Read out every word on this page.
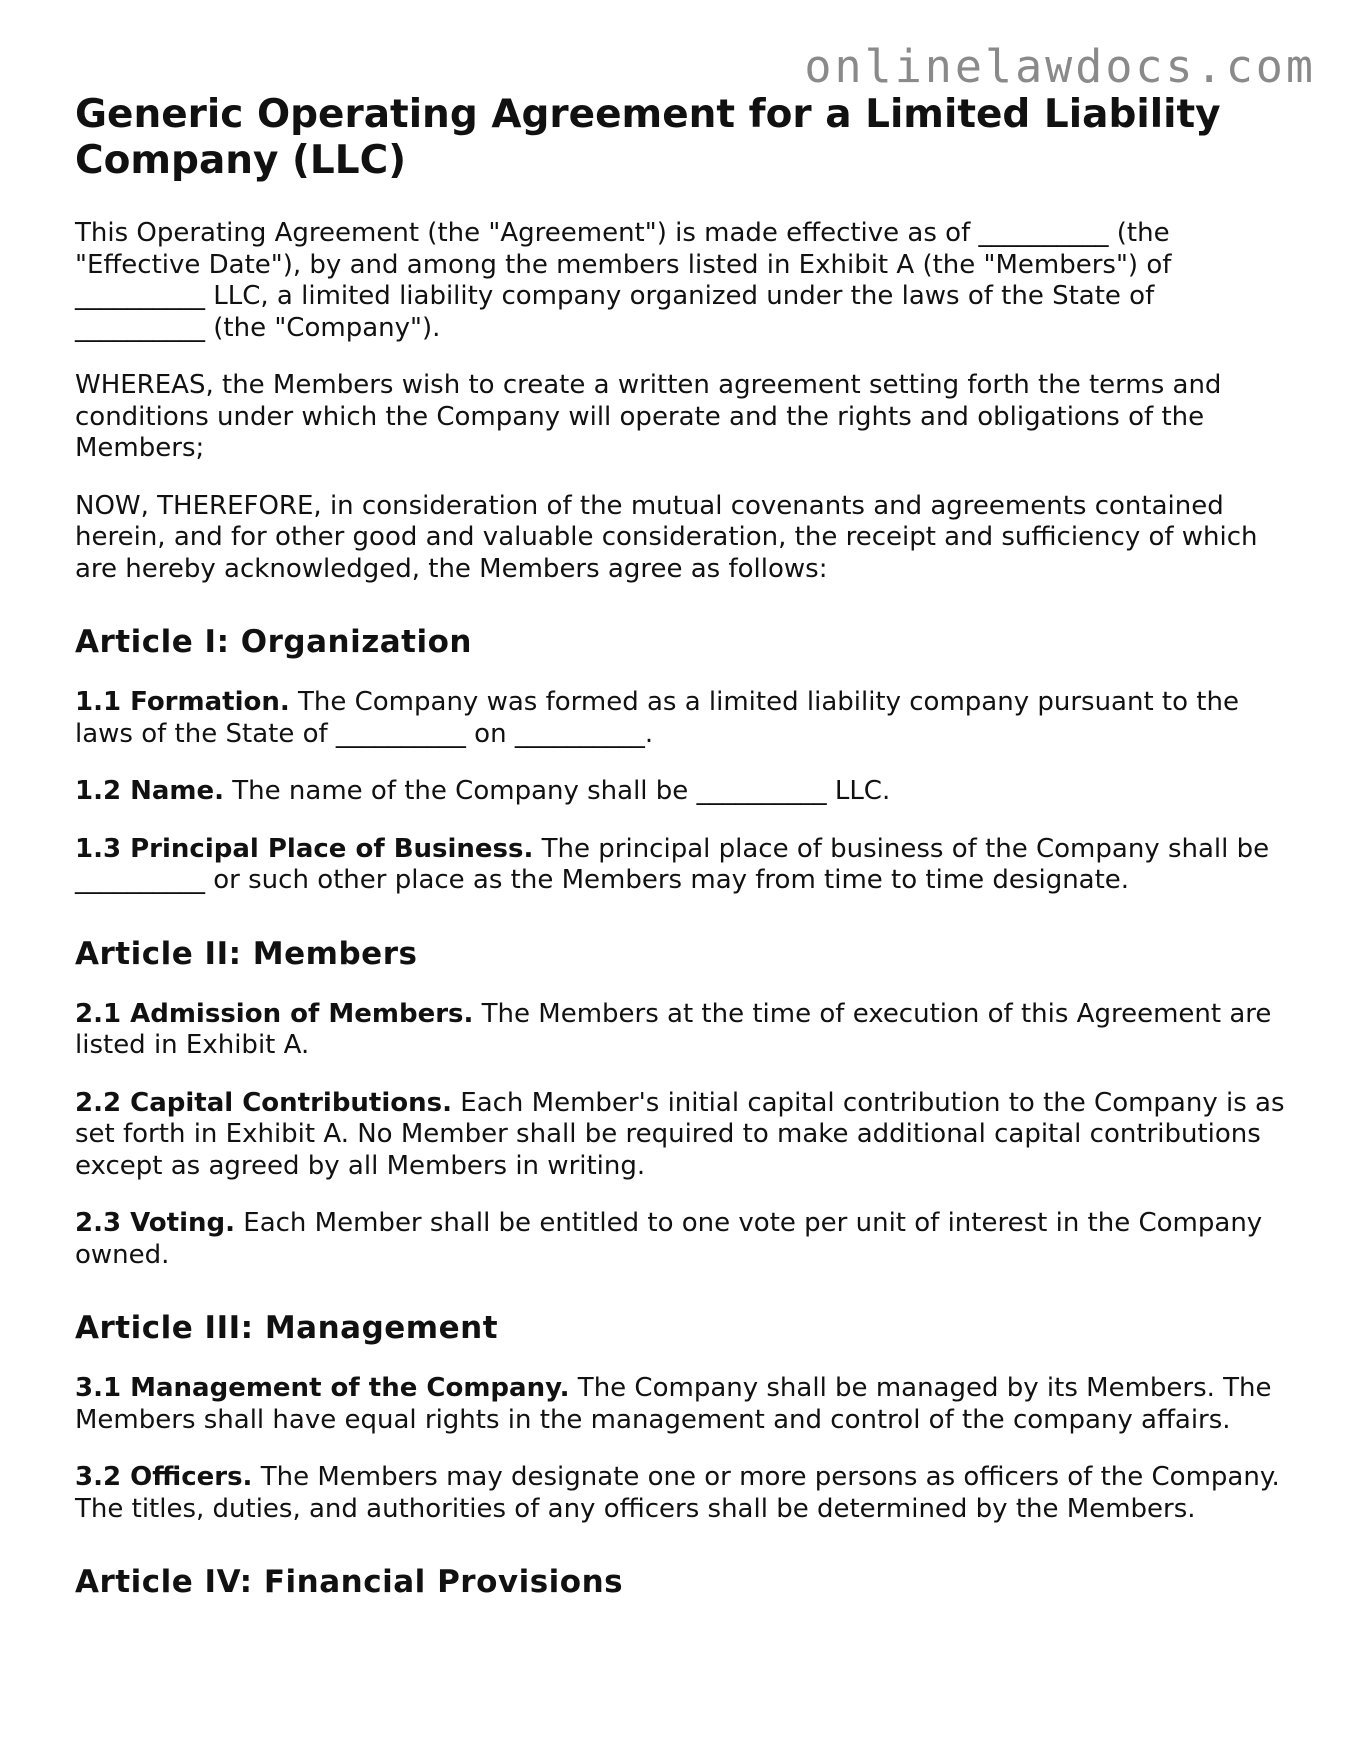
onlinelawdocs.com
Generic Operating Agreement for a Limited Liability Company (LLC)

This Operating Agreement (the "Agreement") is made effective as of __________ (the "Effective Date"), by and among the members listed in Exhibit A (the "Members") of __________ LLC, a limited liability company organized under the laws of the State of __________ (the "Company").

WHEREAS, the Members wish to create a written agreement setting forth the terms and conditions under which the Company will operate and the rights and obligations of the Members;

NOW, THEREFORE, in consideration of the mutual covenants and agreements contained herein, and for other good and valuable consideration, the receipt and sufficiency of which are hereby acknowledged, the Members agree as follows:

Article I: Organization

1.1 Formation. The Company was formed as a limited liability company pursuant to the laws of the State of __________ on __________.

1.2 Name. The name of the Company shall be __________ LLC.

1.3 Principal Place of Business. The principal place of business of the Company shall be __________ or such other place as the Members may from time to time designate.

Article II: Members

2.1 Admission of Members. The Members at the time of execution of this Agreement are listed in Exhibit A.

2.2 Capital Contributions. Each Member's initial capital contribution to the Company is as set forth in Exhibit A. No Member shall be required to make additional capital contributions except as agreed by all Members in writing.

2.3 Voting. Each Member shall be entitled to one vote per unit of interest in the Company owned.

Article III: Management

3.1 Management of the Company. The Company shall be managed by its Members. The Members shall have equal rights in the management and control of the company affairs.

3.2 Officers. The Members may designate one or more persons as officers of the Company. The titles, duties, and authorities of any officers shall be determined by the Members.

Article IV: Financial Provisions
